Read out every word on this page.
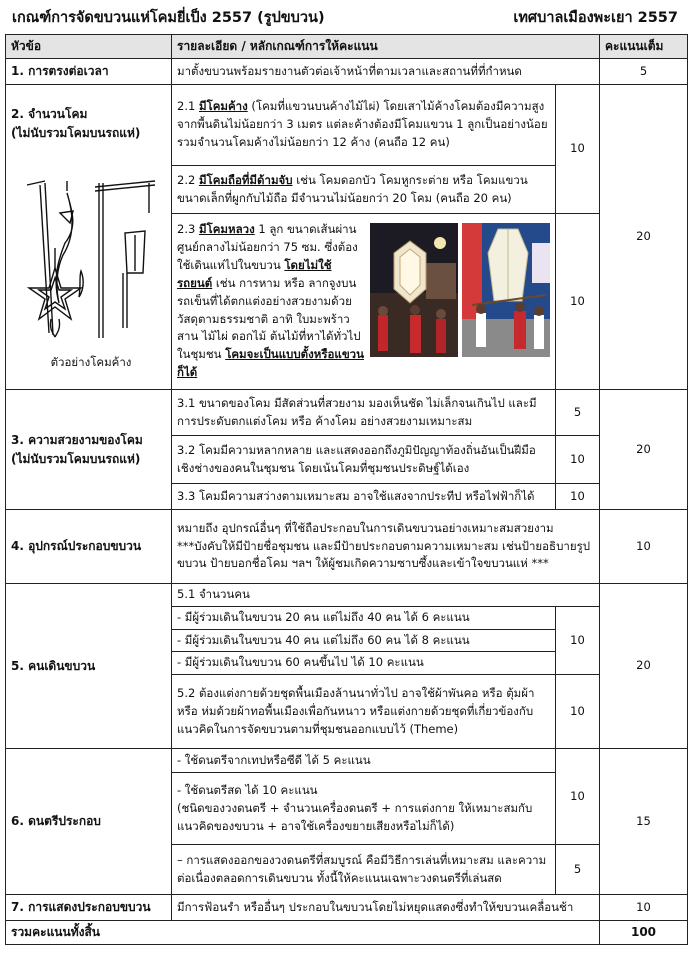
เกณฑ์การจัดขบวนแห่โคมยี่เป็ง 2557 (รูปขบวน)	เทศบาลเมืองพะเยา 2557
หัวข้อ	รายละเอียด / หลักเกณฑ์การให้คะแนน		คะแนนเต็ม
1. การตรงต่อเวลา	มาตั้งขบวนพร้อมรายงานตัวต่อเจ้าหน้าที่ตามเวลาและสถานที่ที่กำหนด		5

2. จำนวนโคม
(ไม่นับรวมโคมบนรถแห่)
ตัวอย่างโคมค้าง	2.1 มีโคมค้าง (โคมที่แขวนบนค้างไม้ไผ่) โดยเสาไม้ค้างโคมต้องมีความสูงจากพื้นดินไม่น้อยกว่า 3 เมตร แต่ละค้างต้องมีโคมแขวน 1 ลูกเป็นอย่างน้อย รวมจำนวนโคมค้างไม่น้อยกว่า 12 ค้าง (คนถือ 12 คน)	10	20
	2.2 มีโคมถือที่มีด้ามจับ เช่น โคมดอกบัว โคมหูกระต่าย หรือ โคมแขวนขนาดเล็กที่ผูกกับไม้ถือ มีจำนวนไม่น้อยกว่า 20 โคม (คนถือ 20 คน)		

2.3 มีโคมหลวง 1 ลูก ขนาดเส้นผ่านศูนย์กลางไม่น้อยกว่า 75 ซม. ซึ่งต้องใช้เดินแห่ไปในขบวน โดยไม่ใช้รถยนต์ เช่น การหาม หรือ ลากจูงบนรถเข็นที่ได้ตกแต่งอย่างสวยงามด้วยวัสดุตามธรรมชาติ อาทิ ใบมะพร้าวสาน ไม้ไผ่ ดอกไม้ ต้นไม้ที่หาได้ทั่วไปในชุมชน โคมจะเป็นแบบตั้งหรือแขวนก็ได้	10	

3. ความสวยงามของโคม
(ไม่นับรวมโคมบนรถแห่)	3.1 ขนาดของโคม มีสัดส่วนที่สวยงาม มองเห็นชัด ไม่เล็กจนเกินไป และมีการประดับตกแต่งโคม หรือ ค้างโคม อย่างสวยงามเหมาะสม	5	20
	3.2 โคมมีความหลากหลาย และแสดงออกถึงภูมิปัญญาท้องถิ่นอันเป็นฝีมือเชิงช่างของคนในชุมชน โดยเน้นโคมที่ชุมชนประดิษฐ์ได้เอง	10	
	3.3 โคมมีความสว่างตามเหมาะสม อาจใช้แสงจากประทีป หรือไฟฟ้าก็ได้	10	
4. อุปกรณ์ประกอบขบวน	หมายถึง อุปกรณ์อื่นๆ ที่ใช้ถือประกอบในการเดินขบวนอย่างเหมาะสมสวยงาม ***บังคับให้มีป้ายชื่อชุมชน และมีป้ายประกอบตามความเหมาะสม เช่นป้ายอธิบายรูปขบวน ป้ายบอกชื่อโคม ฯลฯ ให้ผู้ชมเกิดความซาบซึ้งและเข้าใจขบวนแห่ ***		10
5. คนเดินขบวน	5.1 จำนวนคน		20
	- มีผู้ร่วมเดินในขบวน 20 คน แต่ไม่ถึง 40 คน ได้ 6 คะแนน	10	
	- มีผู้ร่วมเดินในขบวน 40 คน แต่ไม่ถึง 60 คน ได้ 8 คะแนน		
	- มีผู้ร่วมเดินในขบวน 60 คนขึ้นไป ได้ 10 คะแนน		
	5.2 ต้องแต่งกายด้วยชุดพื้นเมืองล้านนาทั่วไป อาจใช้ผ้าพันคอ หรือ ตุ้มผ้า หรือ ห่มด้วยผ้าทอพื้นเมืองเพื่อกันหนาว หรือแต่งกายด้วยชุดที่เกี่ยวข้องกับแนวคิดในการจัดขบวนตามที่ชุมชนออกแบบไว้ (Theme)	10	
6. ดนตรีประกอบ	- ใช้ดนตรีจากเทปหรือซีดี ได้ 5 คะแนน	10	15

	- ใช้ดนตรีสด ได้ 10 คะแนน
(ชนิดของวงดนตรี + จำนวนเครื่องดนตรี + การแต่งกาย ให้เหมาะสมกับแนวคิดของขบวน + อาจใช้เครื่องขยายเสียงหรือไม่ก็ได้)		

	– การแสดงออกของวงดนตรีที่สมบูรณ์ คือมีวิธีการเล่นที่เหมาะสม และความต่อเนื่องตลอดการเดินขบวน ทั้งนี้ให้คะแนนเฉพาะวงดนตรีที่เล่นสด	5	
7. การแสดงประกอบขบวน	มีการฟ้อนรำ หรืออื่นๆ ประกอบในขบวนโดยไม่หยุดแสดงซึ่งทำให้ขบวนเคลื่อนช้า		10
รวมคะแนนทั้งสิ้น			100
